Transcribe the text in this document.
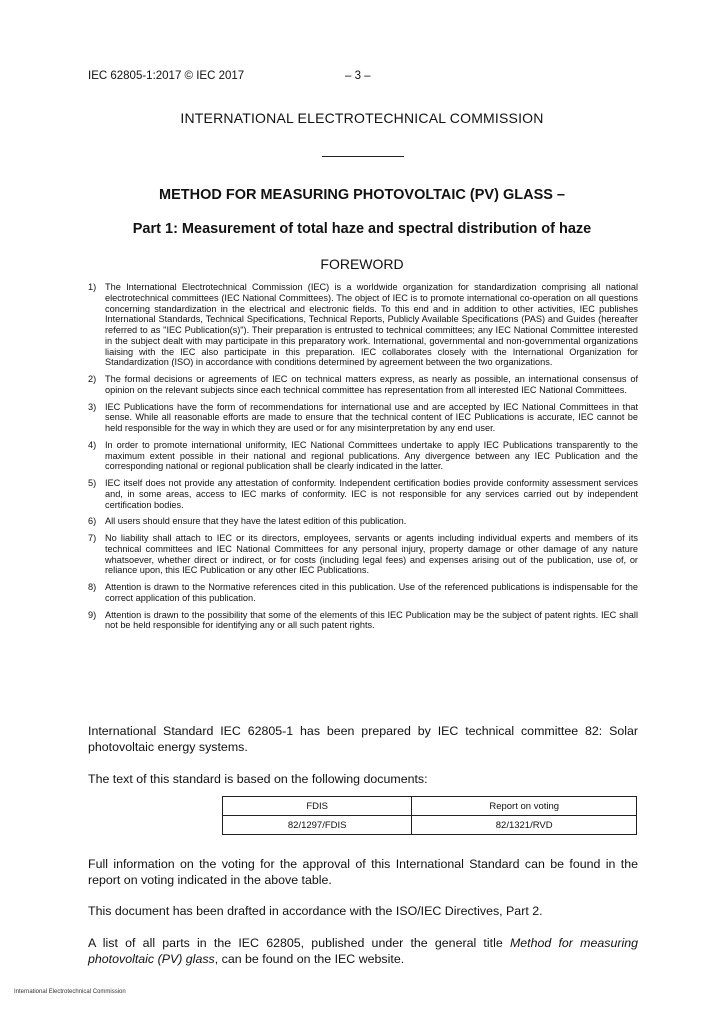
IEC 62805-1:2017 © IEC 2017	– 3 –
INTERNATIONAL ELECTROTECHNICAL COMMISSION
METHOD FOR MEASURING PHOTOVOLTAIC (PV) GLASS –
Part 1: Measurement of total haze and spectral distribution of haze
FOREWORD
1) The International Electrotechnical Commission (IEC) is a worldwide organization for standardization comprising all national electrotechnical committees (IEC National Committees). The object of IEC is to promote international co-operation on all questions concerning standardization in the electrical and electronic fields. To this end and in addition to other activities, IEC publishes International Standards, Technical Specifications, Technical Reports, Publicly Available Specifications (PAS) and Guides (hereafter referred to as "IEC Publication(s)"). Their preparation is entrusted to technical committees; any IEC National Committee interested in the subject dealt with may participate in this preparatory work. International, governmental and non-governmental organizations liaising with the IEC also participate in this preparation. IEC collaborates closely with the International Organization for Standardization (ISO) in accordance with conditions determined by agreement between the two organizations.
2) The formal decisions or agreements of IEC on technical matters express, as nearly as possible, an international consensus of opinion on the relevant subjects since each technical committee has representation from all interested IEC National Committees.
3) IEC Publications have the form of recommendations for international use and are accepted by IEC National Committees in that sense. While all reasonable efforts are made to ensure that the technical content of IEC Publications is accurate, IEC cannot be held responsible for the way in which they are used or for any misinterpretation by any end user.
4) In order to promote international uniformity, IEC National Committees undertake to apply IEC Publications transparently to the maximum extent possible in their national and regional publications. Any divergence between any IEC Publication and the corresponding national or regional publication shall be clearly indicated in the latter.
5) IEC itself does not provide any attestation of conformity. Independent certification bodies provide conformity assessment services and, in some areas, access to IEC marks of conformity. IEC is not responsible for any services carried out by independent certification bodies.
6) All users should ensure that they have the latest edition of this publication.
7) No liability shall attach to IEC or its directors, employees, servants or agents including individual experts and members of its technical committees and IEC National Committees for any personal injury, property damage or other damage of any nature whatsoever, whether direct or indirect, or for costs (including legal fees) and expenses arising out of the publication, use of, or reliance upon, this IEC Publication or any other IEC Publications.
8) Attention is drawn to the Normative references cited in this publication. Use of the referenced publications is indispensable for the correct application of this publication.
9) Attention is drawn to the possibility that some of the elements of this IEC Publication may be the subject of patent rights. IEC shall not be held responsible for identifying any or all such patent rights.

International Standard IEC 62805-1 has been prepared by IEC technical committee 82: Solar photovoltaic energy systems.

The text of this standard is based on the following documents:

FDIS	Report on voting
82/1297/FDIS	82/1321/RVD

Full information on the voting for the approval of this International Standard can be found in the report on voting indicated in the above table.

This document has been drafted in accordance with the ISO/IEC Directives, Part 2.

A list of all parts in the IEC 62805, published under the general title Method for measuring photovoltaic (PV) glass, can be found on the IEC website.

International Electrotechnical Commission
